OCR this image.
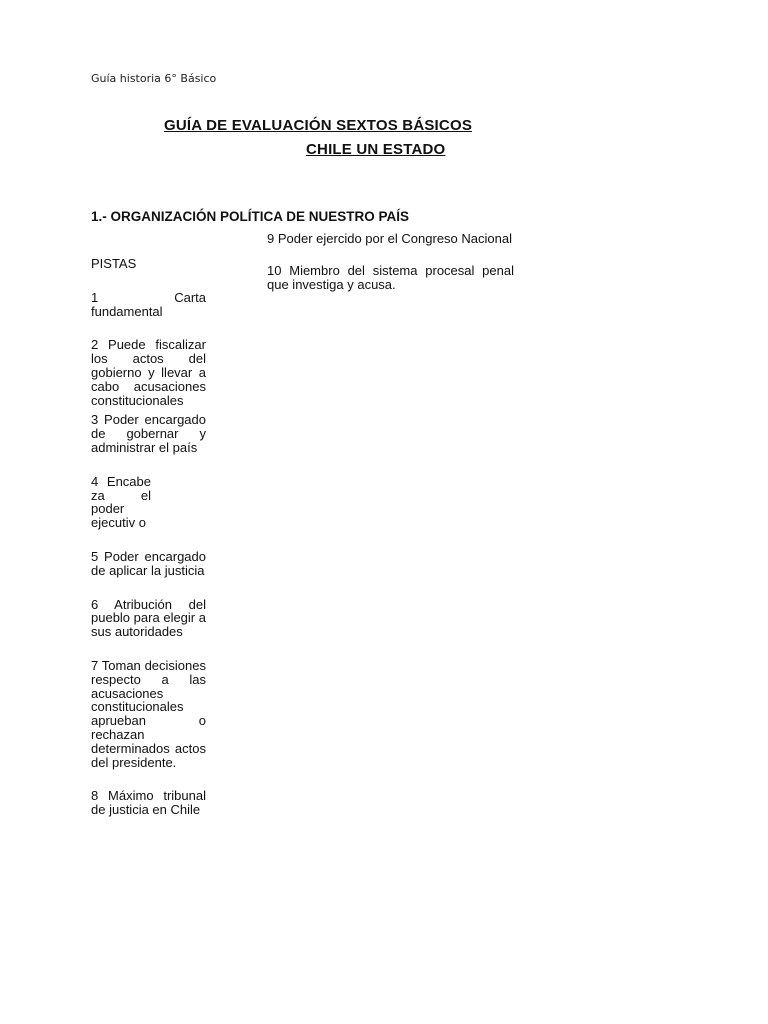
Guía historia 6° Básico
GUÍA DE EVALUACIÓN SEXTOS BÁSICOS
CHILE UN ESTADO
1.- ORGANIZACIÓN POLÍTICA DE NUESTRO PAÍS

PISTAS

1 Carta fundamental

2 Puede fiscalizar los actos del gobierno y llevar a cabo acusaciones constitucionales

3 Poder encargado de gobernar y administrar el país

4 Encabe za el poder ejecutiv o

5 Poder encargado de aplicar la justicia

6 Atribución del pueblo para elegir a sus autoridades

7 Toman decisiones respecto a las acusaciones constitucionales aprueban o rechazan determinados actos del presidente.

8 Máximo tribunal de justicia en Chile

9 Poder ejercido por el Congreso Nacional

10 Miembro del sistema procesal penal que investiga y acusa.
